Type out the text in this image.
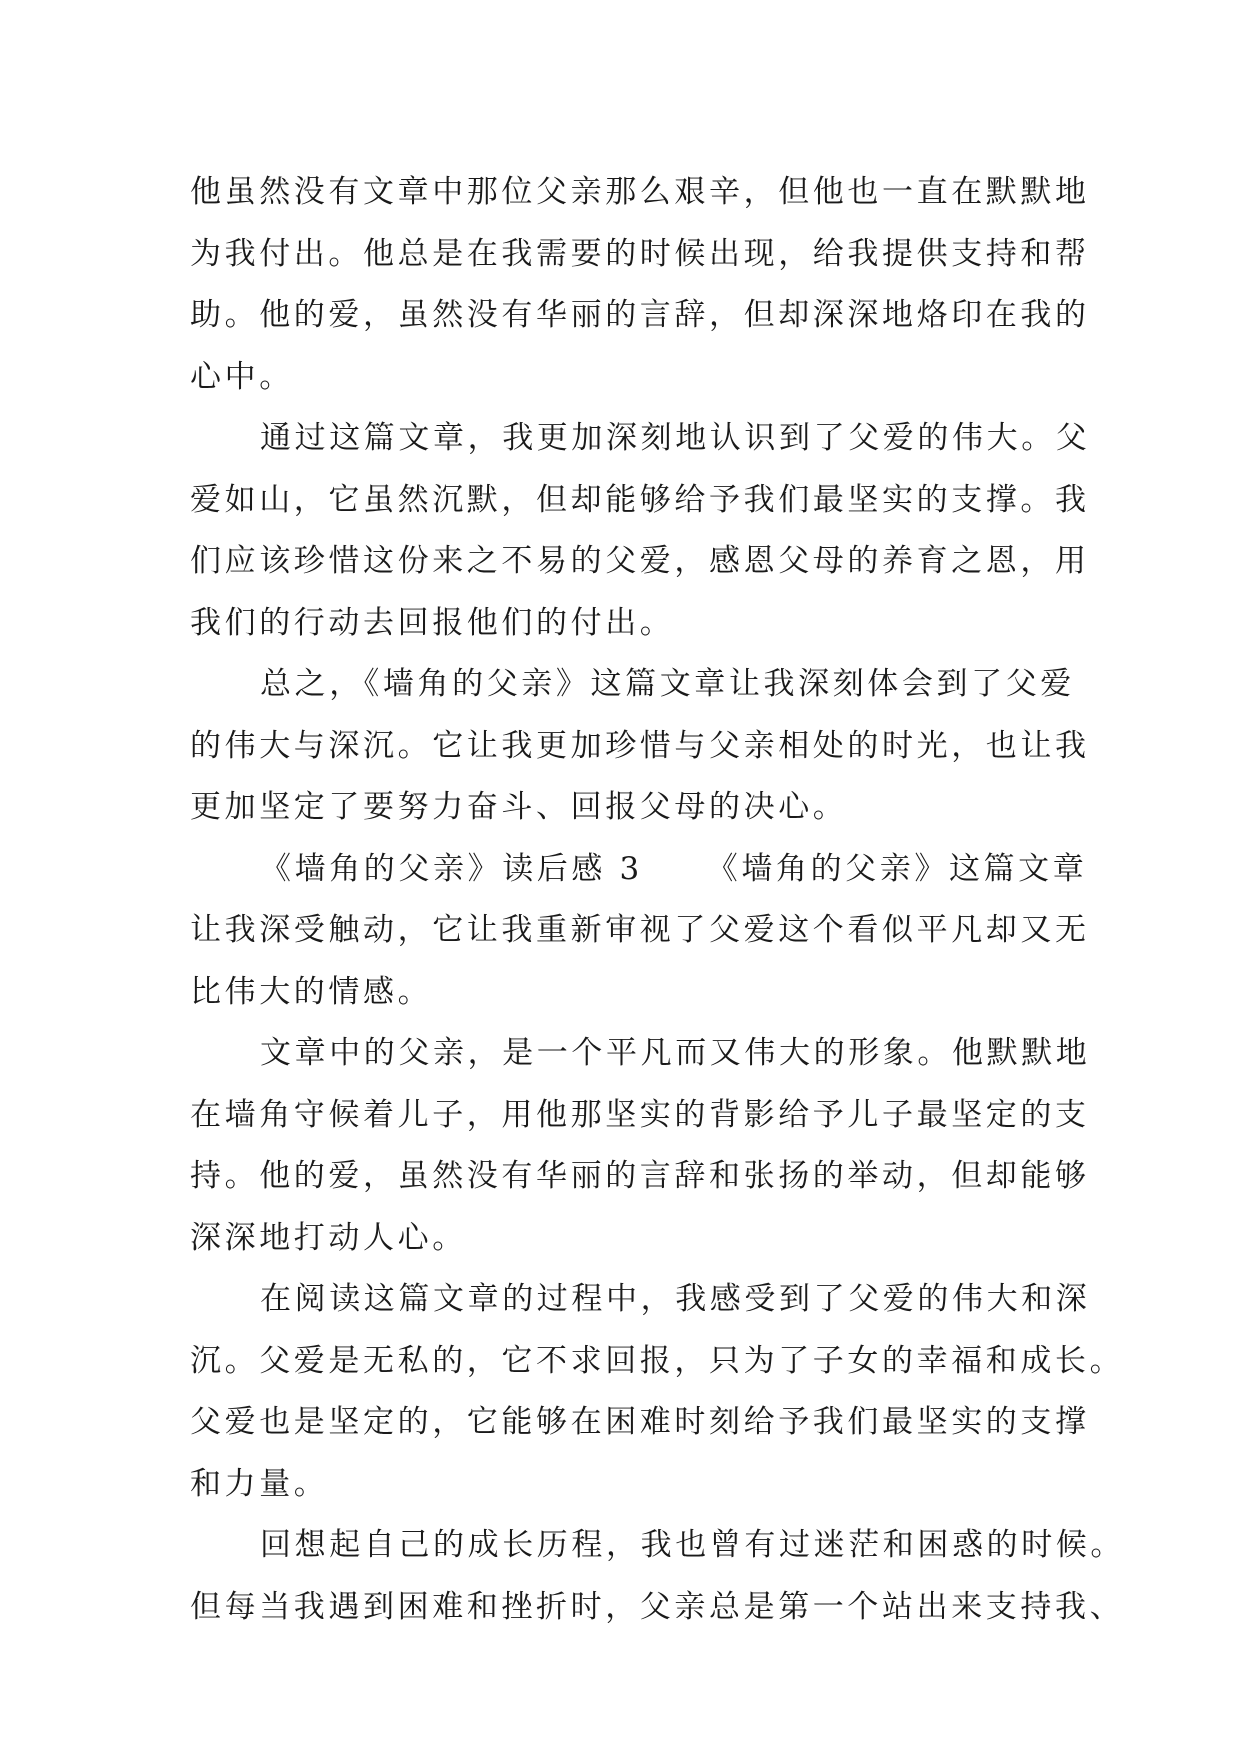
他虽然没有文章中那位父亲那么艰辛，但他也一直在默默地
为我付出。他总是在我需要的时候出现，给我提供支持和帮
助。他的爱，虽然没有华丽的言辞，但却深深地烙印在我的
心中。
通过这篇文章，我更加深刻地认识到了父爱的伟大。父
爱如山，它虽然沉默，但却能够给予我们最坚实的支撑。我
们应该珍惜这份来之不易的父爱，感恩父母的养育之恩，用
我们的行动去回报他们的付出。
总之，《墙角的父亲》这篇文章让我深刻体会到了父爱
的伟大与深沉。它让我更加珍惜与父亲相处的时光，也让我
更加坚定了要努力奋斗、回报父母的决心。
《墙角的父亲》读后感 3 《墙角的父亲》这篇文章
让我深受触动，它让我重新审视了父爱这个看似平凡却又无
比伟大的情感。
文章中的父亲，是一个平凡而又伟大的形象。他默默地
在墙角守候着儿子，用他那坚实的背影给予儿子最坚定的支
持。他的爱，虽然没有华丽的言辞和张扬的举动，但却能够
深深地打动人心。
在阅读这篇文章的过程中，我感受到了父爱的伟大和深
沉。父爱是无私的，它不求回报，只为了子女的幸福和成长。
父爱也是坚定的，它能够在困难时刻给予我们最坚实的支撑
和力量。
回想起自己的成长历程，我也曾有过迷茫和困惑的时候。
但每当我遇到困难和挫折时，父亲总是第一个站出来支持我、
